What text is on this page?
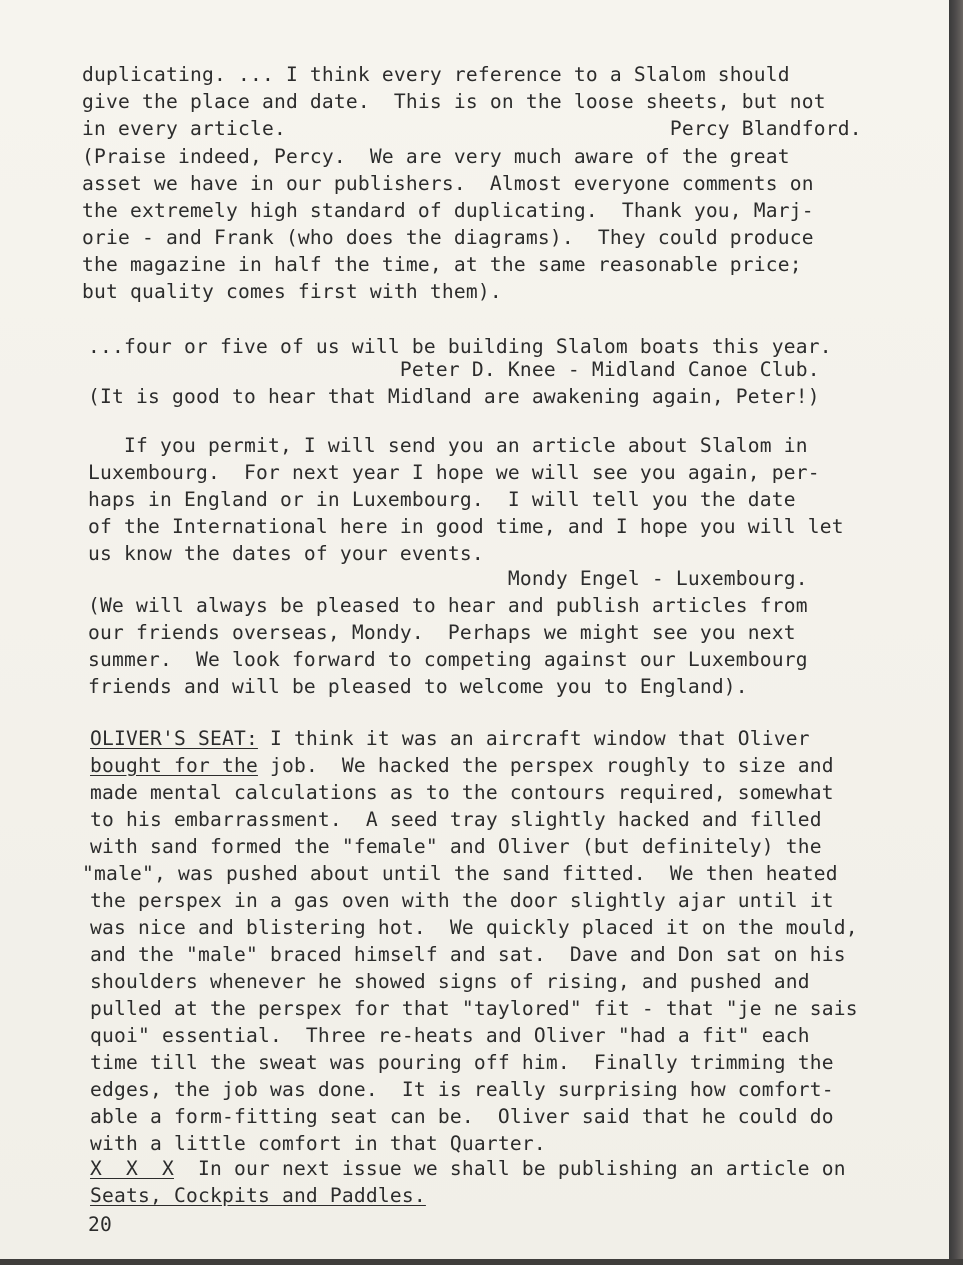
duplicating. ... I think every reference to a Slalom should
give the place and date.  This is on the loose sheets, but not
in every article.                                Percy Blandford.
(Praise indeed, Percy.  We are very much aware of the great
asset we have in our publishers.  Almost everyone comments on
the extremely high standard of duplicating.  Thank you, Marj-
orie - and Frank (who does the diagrams).  They could produce
the magazine in half the time, at the same reasonable price;
but quality comes first with them).
...four or five of us will be building Slalom boats this year.
Peter D. Knee - Midland Canoe Club.
(It is good to hear that Midland are awakening again, Peter!)
If you permit, I will send you an article about Slalom in
Luxembourg.  For next year I hope we will see you again, per-
haps in England or in Luxembourg.  I will tell you the date
of the International here in good time, and I hope you will let
us know the dates of your events.
Mondy Engel - Luxembourg.
(We will always be pleased to hear and publish articles from
our friends overseas, Mondy.  Perhaps we might see you next
summer.  We look forward to competing against our Luxembourg
friends and will be pleased to welcome you to England).
OLIVER'S SEAT: I think it was an aircraft window that Oliver
bought for the job.  We hacked the perspex roughly to size and
made mental calculations as to the contours required, somewhat
to his embarrassment.  A seed tray slightly hacked and filled
with sand formed the "female" and Oliver (but definitely) the
"male", was pushed about until the sand fitted.  We then heated
the perspex in a gas oven with the door slightly ajar until it
was nice and blistering hot.  We quickly placed it on the mould,
and the "male" braced himself and sat.  Dave and Don sat on his
shoulders whenever he showed signs of rising, and pushed and
pulled at the perspex for that "taylored" fit - that "je ne sais
quoi" essential.  Three re-heats and Oliver "had a fit" each
time till the sweat was pouring off him.  Finally trimming the
edges, the job was done.  It is really surprising how comfort-
able a form-fitting seat can be.  Oliver said that he could do
with a little comfort in that Quarter.
X  X  X  In our next issue we shall be publishing an article on
Seats, Cockpits and Paddles.
20
